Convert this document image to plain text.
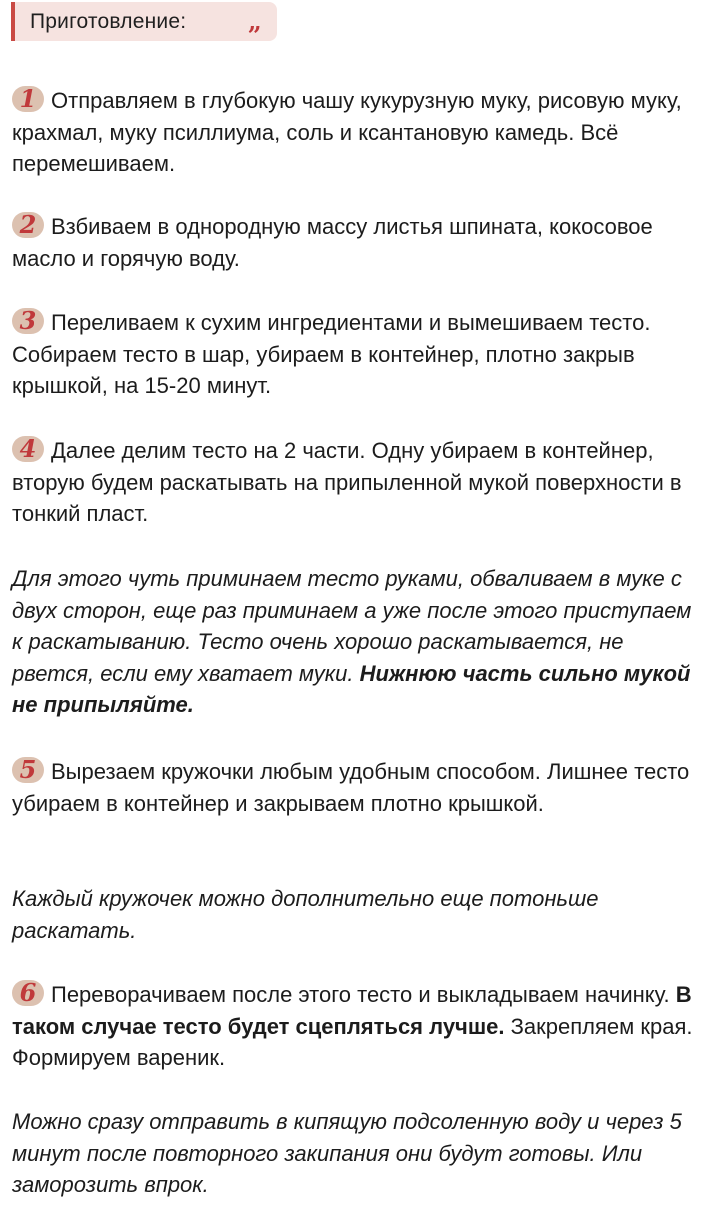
Приготовление:	„

1 Отправляем в глубокую чашу кукурузную муку, рисовую муку, крахмал, муку псиллиума, соль и ксантановую камедь. Всё перемешиваем.

2 Взбиваем в однородную массу листья шпината, кокосовое масло и горячую воду.

3 Переливаем к сухим ингредиентами и вымешиваем тесто. Собираем тесто в шар, убираем в контейнер, плотно закрыв крышкой, на 15-20 минут.

4 Далее делим тесто на 2 части. Одну убираем в контейнер, вторую будем раскатывать на припыленной мукой поверхности в тонкий пласт.

Для этого чуть приминаем тесто руками, обваливаем в муке с двух сторон, еще раз приминаем а уже после этого приступаем к раскатыванию. Тесто очень хорошо раскатывается, не рвется, если ему хватает муки. Нижнюю часть сильно мукой не припыляйте.

5 Вырезаем кружочки любым удобным способом. Лишнее тесто убираем в контейнер и закрываем плотно крышкой.

Каждый кружочек можно дополнительно еще потоньше раскатать.

6 Переворачиваем после этого тесто и выкладываем начинку. В таком случае тесто будет сцепляться лучше. Закрепляем края. Формируем вареник.

Можно сразу отправить в кипящую подсоленную воду и через 5 минут после повторного закипания они будут готовы. Или заморозить впрок.
